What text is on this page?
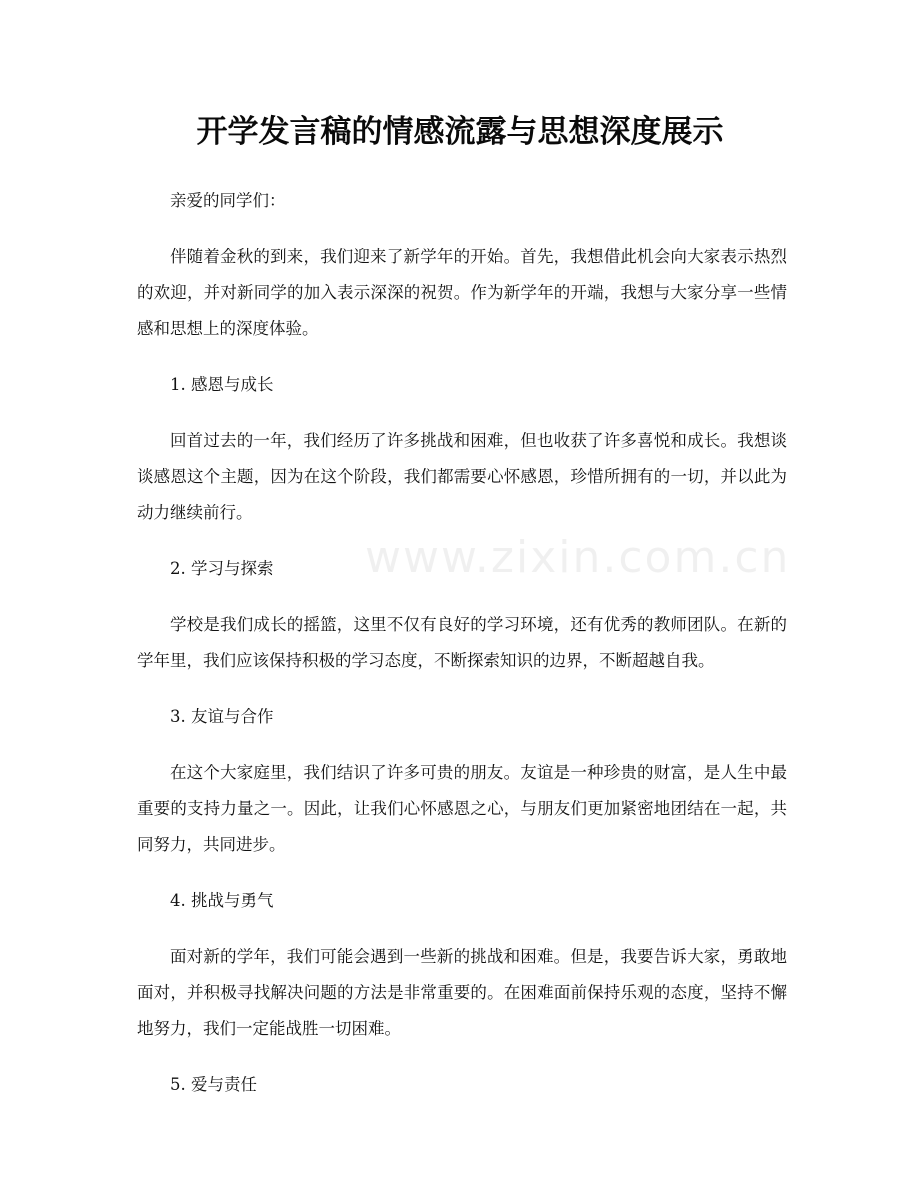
开学发言稿的情感流露与思想深度展示
www.zixin.com.cn

亲爱的同学们：

伴随着金秋的到来，我们迎来了新学年的开始。首先，我想借此机会向大家表示热烈的欢迎，并对新同学的加入表示深深的祝贺。作为新学年的开端，我想与大家分享一些情感和思想上的深度体验。

1. 感恩与成长

回首过去的一年，我们经历了许多挑战和困难，但也收获了许多喜悦和成长。我想谈谈感恩这个主题，因为在这个阶段，我们都需要心怀感恩，珍惜所拥有的一切，并以此为动力继续前行。

2. 学习与探索

学校是我们成长的摇篮，这里不仅有良好的学习环境，还有优秀的教师团队。在新的学年里，我们应该保持积极的学习态度，不断探索知识的边界，不断超越自我。

3. 友谊与合作

在这个大家庭里，我们结识了许多可贵的朋友。友谊是一种珍贵的财富，是人生中最重要的支持力量之一。因此，让我们心怀感恩之心，与朋友们更加紧密地团结在一起，共同努力，共同进步。

4. 挑战与勇气

面对新的学年，我们可能会遇到一些新的挑战和困难。但是，我要告诉大家，勇敢地面对，并积极寻找解决问题的方法是非常重要的。在困难面前保持乐观的态度，坚持不懈地努力，我们一定能战胜一切困难。

5. 爱与责任
